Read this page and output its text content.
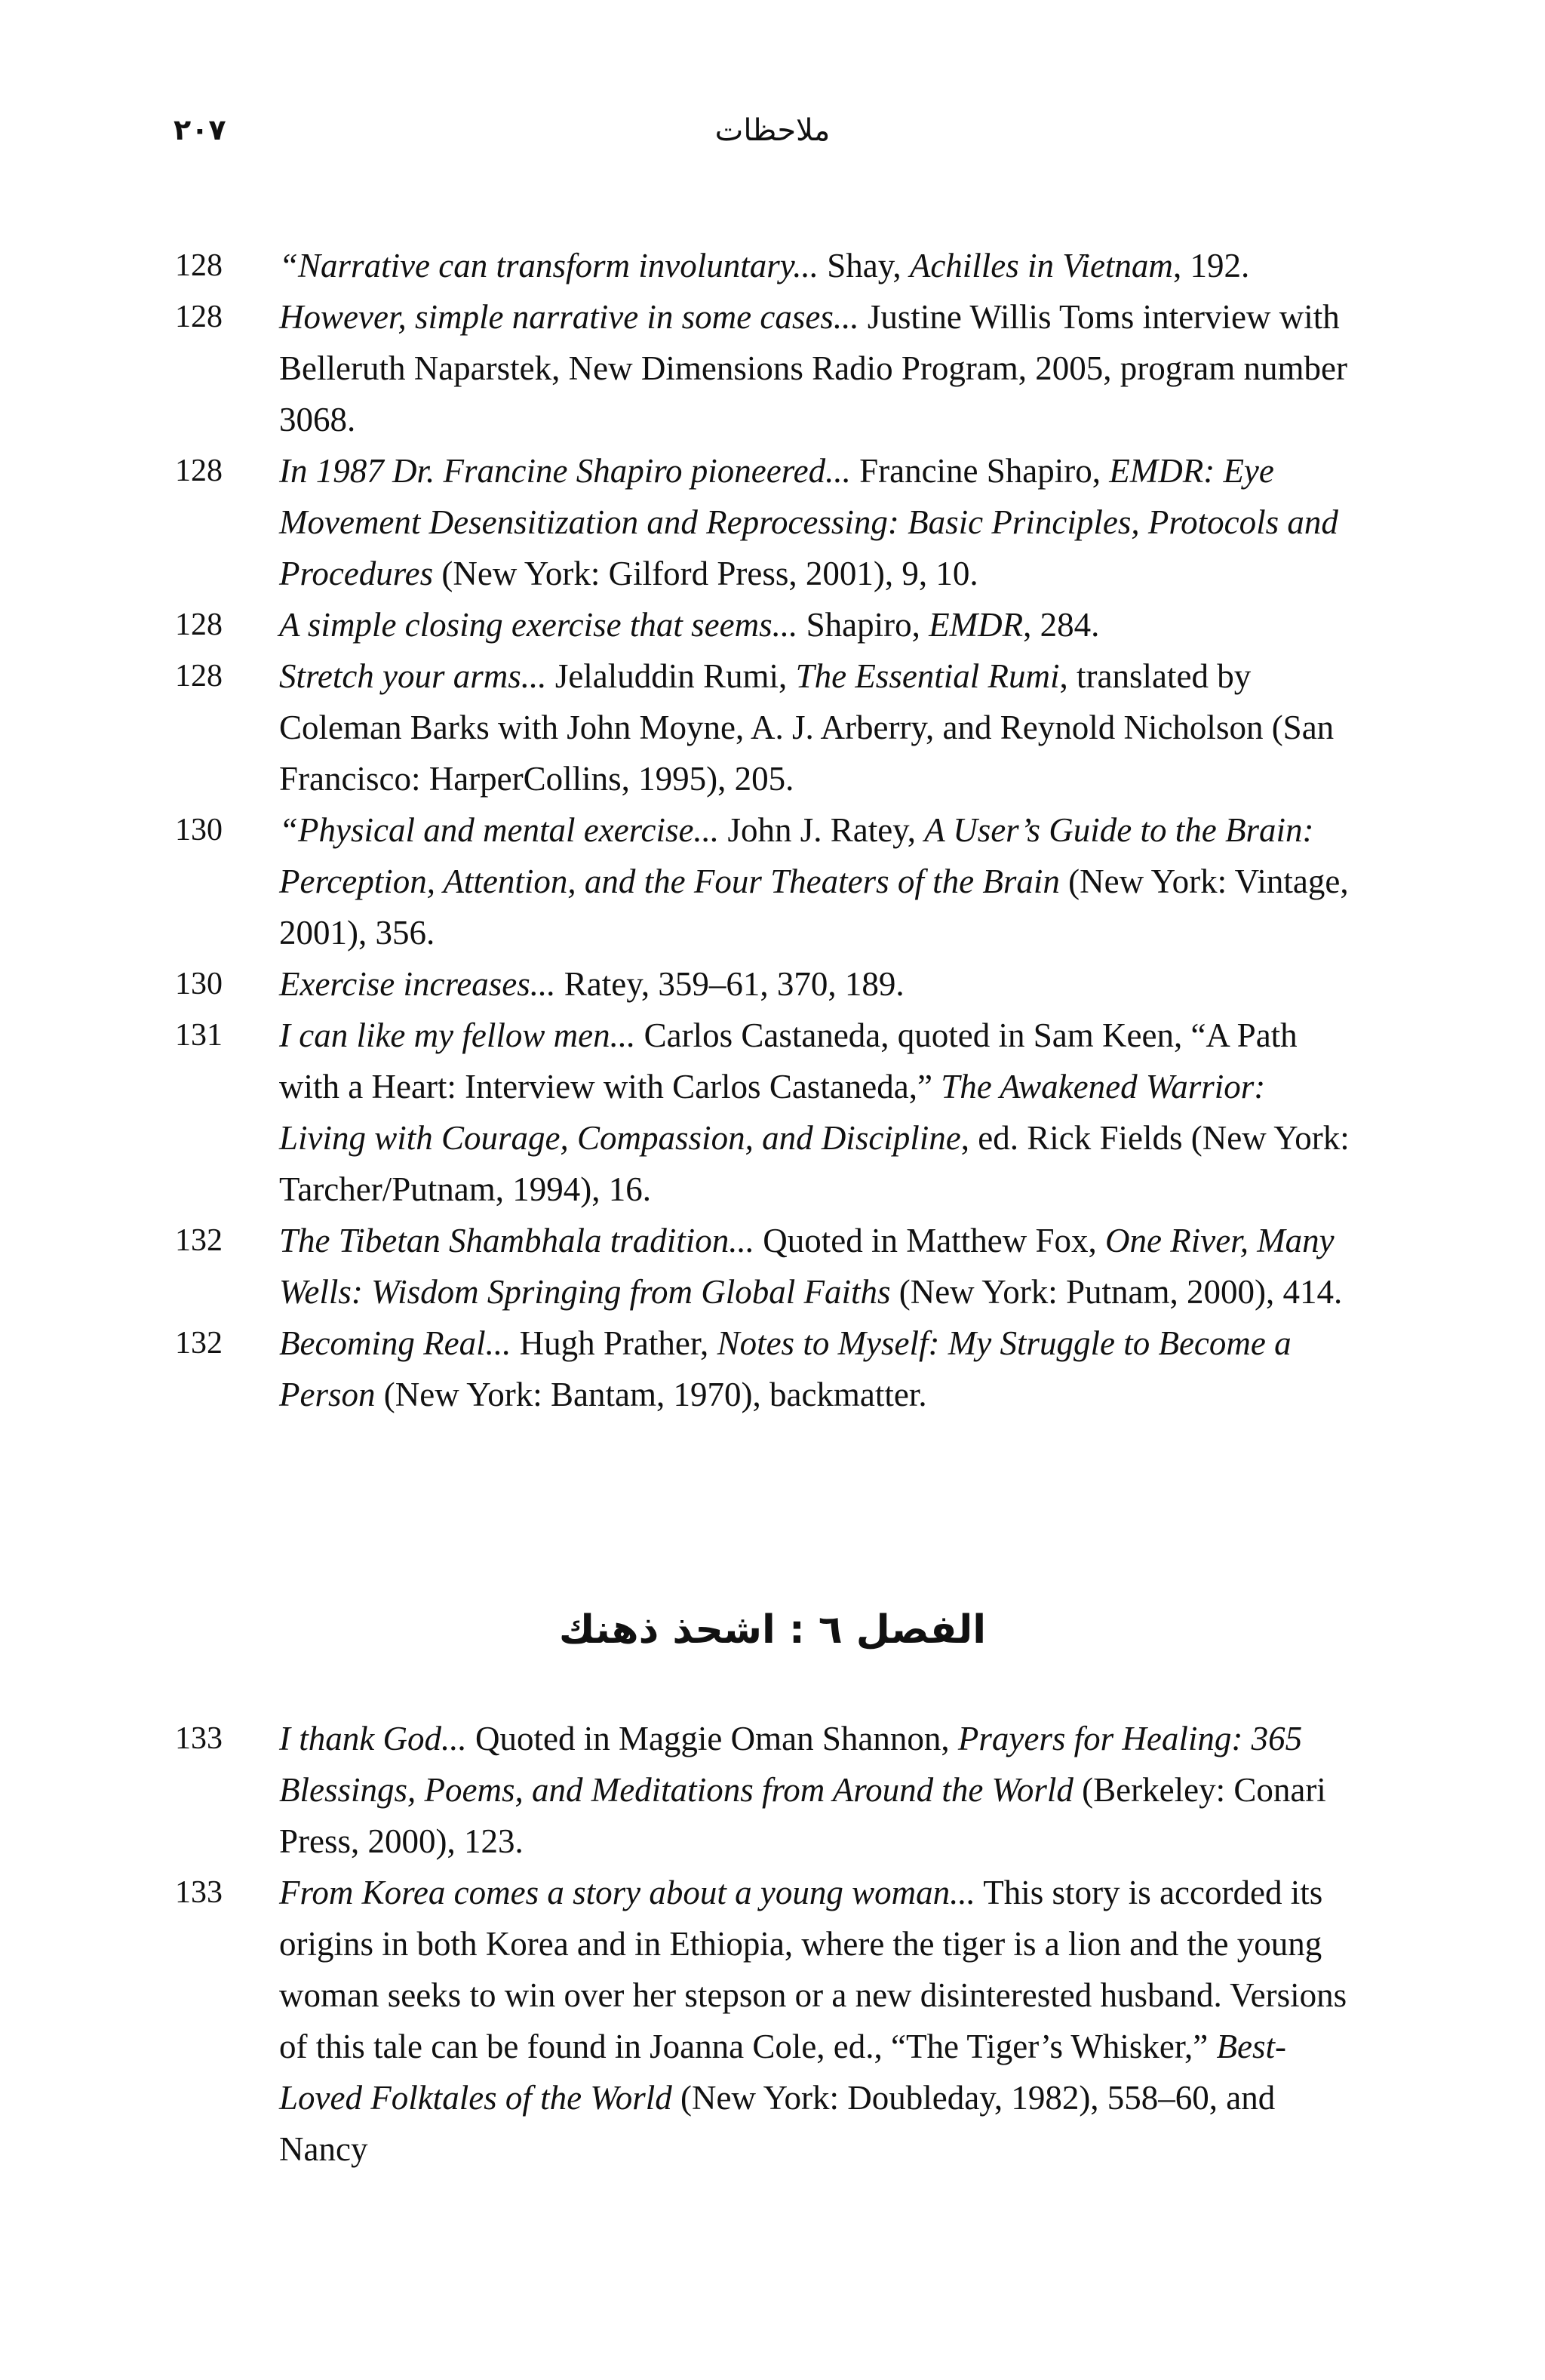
٢٠٧	ملاحظات
128	“Narrative can transform involuntary... Shay, Achilles in Vietnam, 192.
128	However, simple narrative in some cases... Justine Willis Toms interview with Belleruth Naparstek, New Dimensions Radio Program, 2005, program number 3068.
128	In 1987 Dr. Francine Shapiro pioneered... Francine Shapiro, EMDR: Eye Movement Desensitization and Reprocessing: Basic Principles, Protocols and Procedures (New York: Gilford Press, 2001), 9, 10.
128	A simple closing exercise that seems... Shapiro, EMDR, 284.
128	Stretch your arms... Jelaluddin Rumi, The Essential Rumi, translated by Coleman Barks with John Moyne, A. J. Arberry, and Reynold Nicholson (San Francisco: HarperCollins, 1995), 205.
130	“Physical and mental exercise... John J. Ratey, A User’s Guide to the Brain: Perception, Attention, and the Four Theaters of the Brain (New York: Vintage, 2001), 356.
130	Exercise increases... Ratey, 359–61, 370, 189.
131	I can like my fellow men... Carlos Castaneda, quoted in Sam Keen, “A Path with a Heart: Interview with Carlos Castaneda,” The Awakened Warrior: Living with Courage, Compassion, and Discipline, ed. Rick Fields (New York: Tarcher/Putnam, 1994), 16.
132	The Tibetan Shambhala tradition... Quoted in Matthew Fox, One River, Many Wells: Wisdom Springing from Global Faiths (New York: Putnam, 2000), 414.
132	Becoming Real... Hugh Prather, Notes to Myself: My Struggle to Become a Person (New York: Bantam, 1970), backmatter.
الفصل ٦ : اشحذ ذهنك
133	I thank God... Quoted in Maggie Oman Shannon, Prayers for Healing: 365 Blessings, Poems, and Meditations from Around the World (Berkeley: Conari Press, 2000), 123.
133	From Korea comes a story about a young woman... This story is accorded its origins in both Korea and in Ethiopia, where the tiger is a lion and the young woman seeks to win over her stepson or a new disinterested husband. Versions of this tale can be found in Joanna Cole, ed., “The Tiger’s Whisker,” Best-Loved Folktales of the World (New York: Doubleday, 1982), 558–60, and Nancy
